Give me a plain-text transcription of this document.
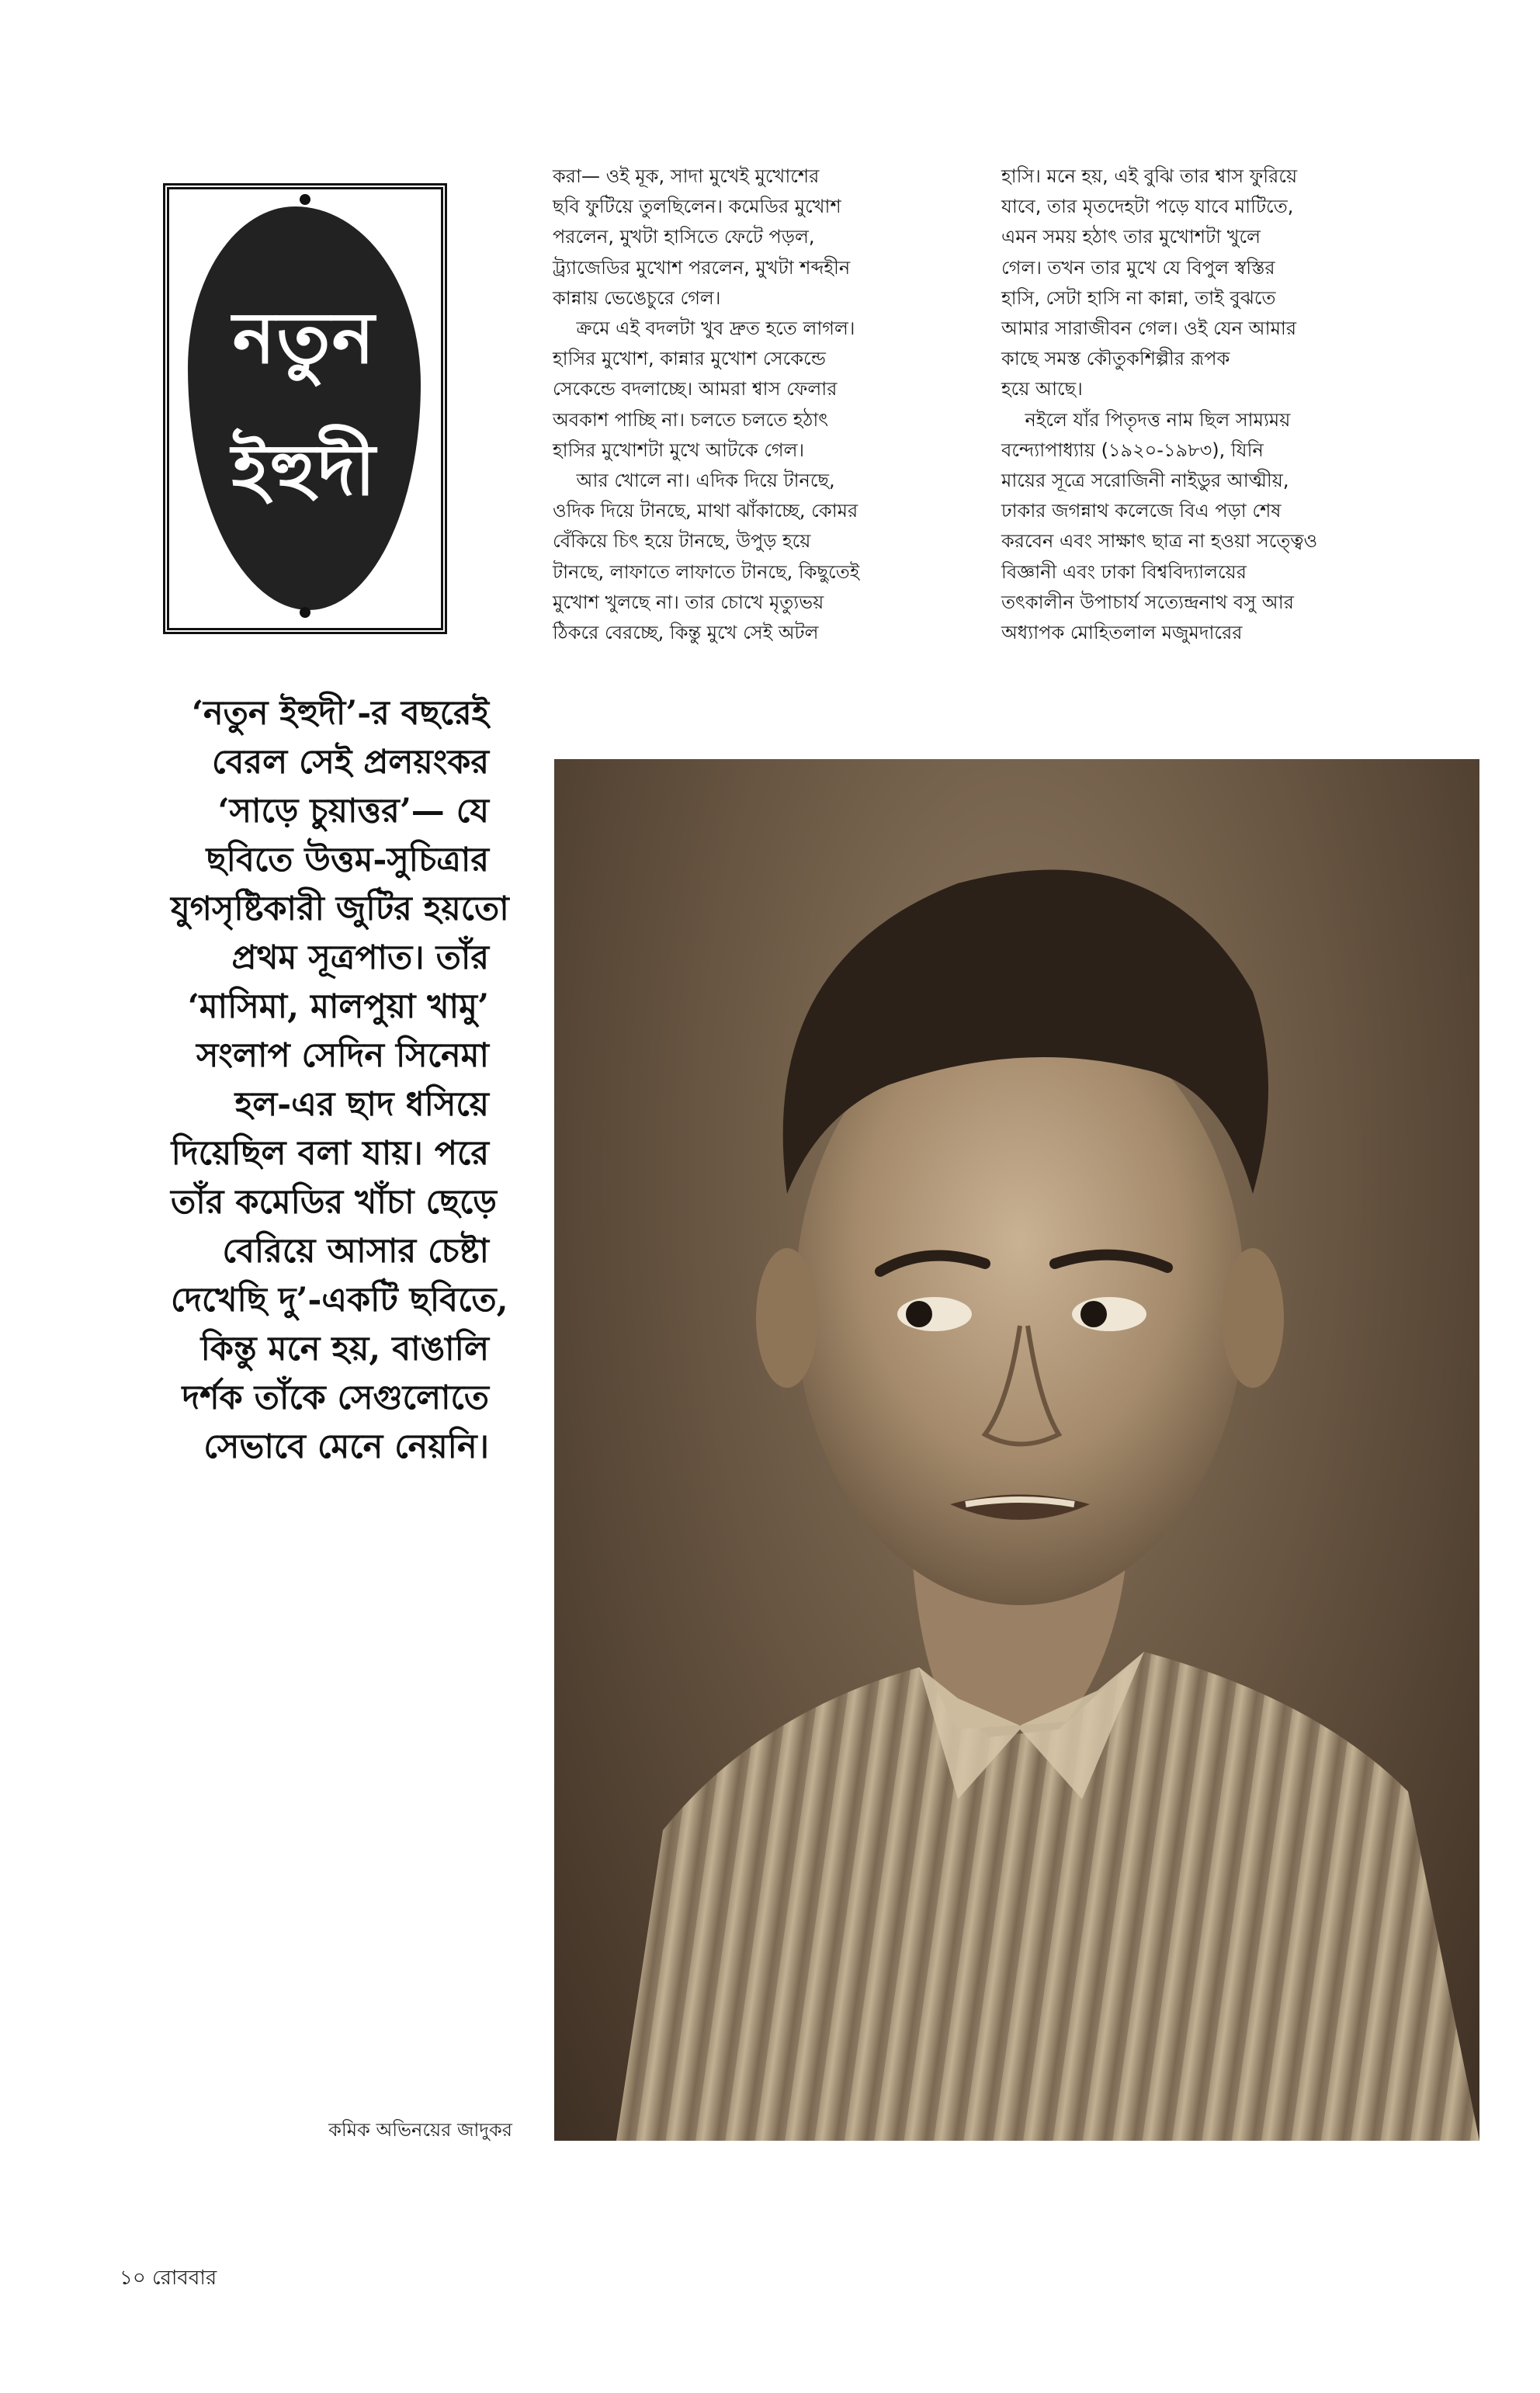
নতুন
ইহুদী

‘নতুন ইহুদী’-র বছরেই

বেরল সেই প্রলয়ংকর

‘সাড়ে চুয়াত্তর’— যে

ছবিতে উত্তম-সুচিত্রার

যুগসৃষ্টিকারী জুটির হয়তো

প্রথম সূত্রপাত। তাঁর

‘মাসিমা, মালপুয়া খামু’

সংলাপ সেদিন সিনেমা

হল-এর ছাদ ধসিয়ে

দিয়েছিল বলা যায়। পরে

তাঁর কমেডির খাঁচা ছেড়ে

বেরিয়ে আসার চেষ্টা

দেখেছি দু’-একটি ছবিতে,

কিন্তু মনে হয়, বাঙালি

দর্শক তাঁকে সেগুলোতে

সেভাবে মেনে নেয়নি।

করা— ওই মূক, সাদা মুখেই মুখোশের

ছবি ফুটিয়ে তুলছিলেন। কমেডির মুখোশ

পরলেন, মুখটা হাসিতে ফেটে পড়ল,

ট্র্যাজেডির মুখোশ পরলেন, মুখটা শব্দহীন

কান্নায় ভেঙেচুরে গেল।

ক্রমে এই বদলটা খুব দ্রুত হতে লাগল।

হাসির মুখোশ, কান্নার মুখোশ সেকেন্ডে

সেকেন্ডে বদলাচ্ছে। আমরা শ্বাস ফেলার

অবকাশ পাচ্ছি না। চলতে চলতে হঠাৎ

হাসির মুখোশটা মুখে আটকে গেল।

আর খোলে না। এদিক দিয়ে টানছে,

ওদিক দিয়ে টানছে, মাথা ঝাঁকাচ্ছে, কোমর

বেঁকিয়ে চিৎ হয়ে টানছে, উপুড় হয়ে

টানছে, লাফাতে লাফাতে টানছে, কিছুতেই

মুখোশ খুলছে না। তার চোখে মৃত্যুভয়

ঠিকরে বেরচ্ছে, কিন্তু মুখে সেই অটল

হাসি। মনে হয়, এই বুঝি তার শ্বাস ফুরিয়ে

যাবে, তার মৃতদেহটা পড়ে যাবে মাটিতে,

এমন সময় হঠাৎ তার মুখোশটা খুলে

গেল। তখন তার মুখে যে বিপুল স্বস্তির

হাসি, সেটা হাসি না কান্না, তাই বুঝতে

আমার সারাজীবন গেল। ওই যেন আমার

কাছে সমস্ত কৌতুকশিল্পীর রূপক

হয়ে আছে।

নইলে যাঁর পিতৃদত্ত নাম ছিল সাম্যময়

বন্দ্যোপাধ্যায় (১৯২০-১৯৮৩), যিনি

মায়ের সূত্রে সরোজিনী নাইডুর আত্মীয়,

ঢাকার জগন্নাথ কলেজে বিএ পড়া শেষ

করবেন এবং সাক্ষাৎ ছাত্র না হওয়া সত্ত্বেও

বিজ্ঞানী এবং ঢাকা বিশ্ববিদ্যালয়ের

তৎকালীন উপাচার্য সত্যেন্দ্রনাথ বসু আর

অধ্যাপক মোহিতলাল মজুমদারের

কমিক অভিনয়ের জাদুকর
১০ রোববার
